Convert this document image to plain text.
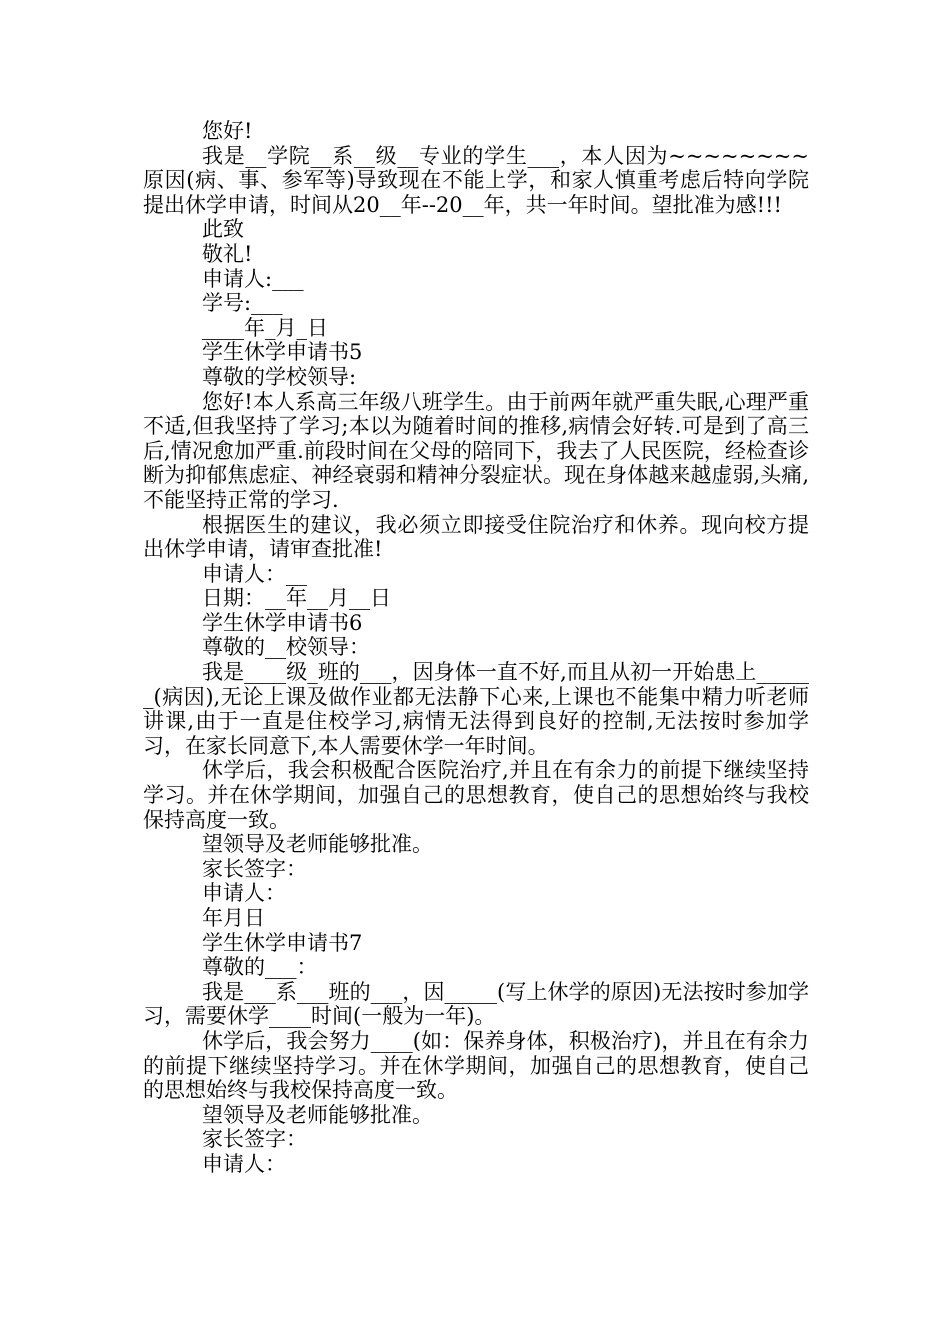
您好!

我是__学院__系__级__专业的学生___，本人因为~~~~~~~~原因(病、事、参军等)导致现在不能上学，和家人慎重考虑后特向学院提出休学申请，时间从20__年--20__年，共一年时间。望批准为感!!!

此致

敬礼!

申请人:___

学号:___

____年_月_日

学生休学申请书5

尊敬的学校领导:

您好!本人系高三年级八班学生。由于前两年就严重失眠,心理严重不适,但我坚持了学习;本以为随着时间的推移,病情会好转.可是到了高三后,情况愈加严重.前段时间在父母的陪同下，我去了人民医院，经检查诊断为抑郁焦虑症、神经衰弱和精神分裂症状。现在身体越来越虚弱,头痛,不能坚持正常的学习.

根据医生的建议，我必须立即接受住院治疗和休养。现向校方提出休学申请，请审查批准!

申请人：__

日期：__年__月__日

学生休学申请书6

尊敬的__校领导：

我是____级_班的___，因身体一直不好,而且从初一开始患上______(病因),无论上课及做作业都无法静下心来,上课也不能集中精力听老师讲课,由于一直是住校学习,病情无法得到良好的控制,无法按时参加学习，在家长同意下,本人需要休学一年时间。

休学后，我会积极配合医院治疗,并且在有余力的前提下继续坚持学习。并在休学期间，加强自己的思想教育，使自己的思想始终与我校保持高度一致。

望领导及老师能够批准。

家长签字：

申请人：

年月日

学生休学申请书7

尊敬的___：

我是___系___班的___，因_____(写上休学的原因)无法按时参加学习，需要休学____时间(一般为一年)。

休学后，我会努力____(如：保养身体，积极治疗)，并且在有余力的前提下继续坚持学习。并在休学期间，加强自己的思想教育，使自己的思想始终与我校保持高度一致。

望领导及老师能够批准。

家长签字：

申请人：
